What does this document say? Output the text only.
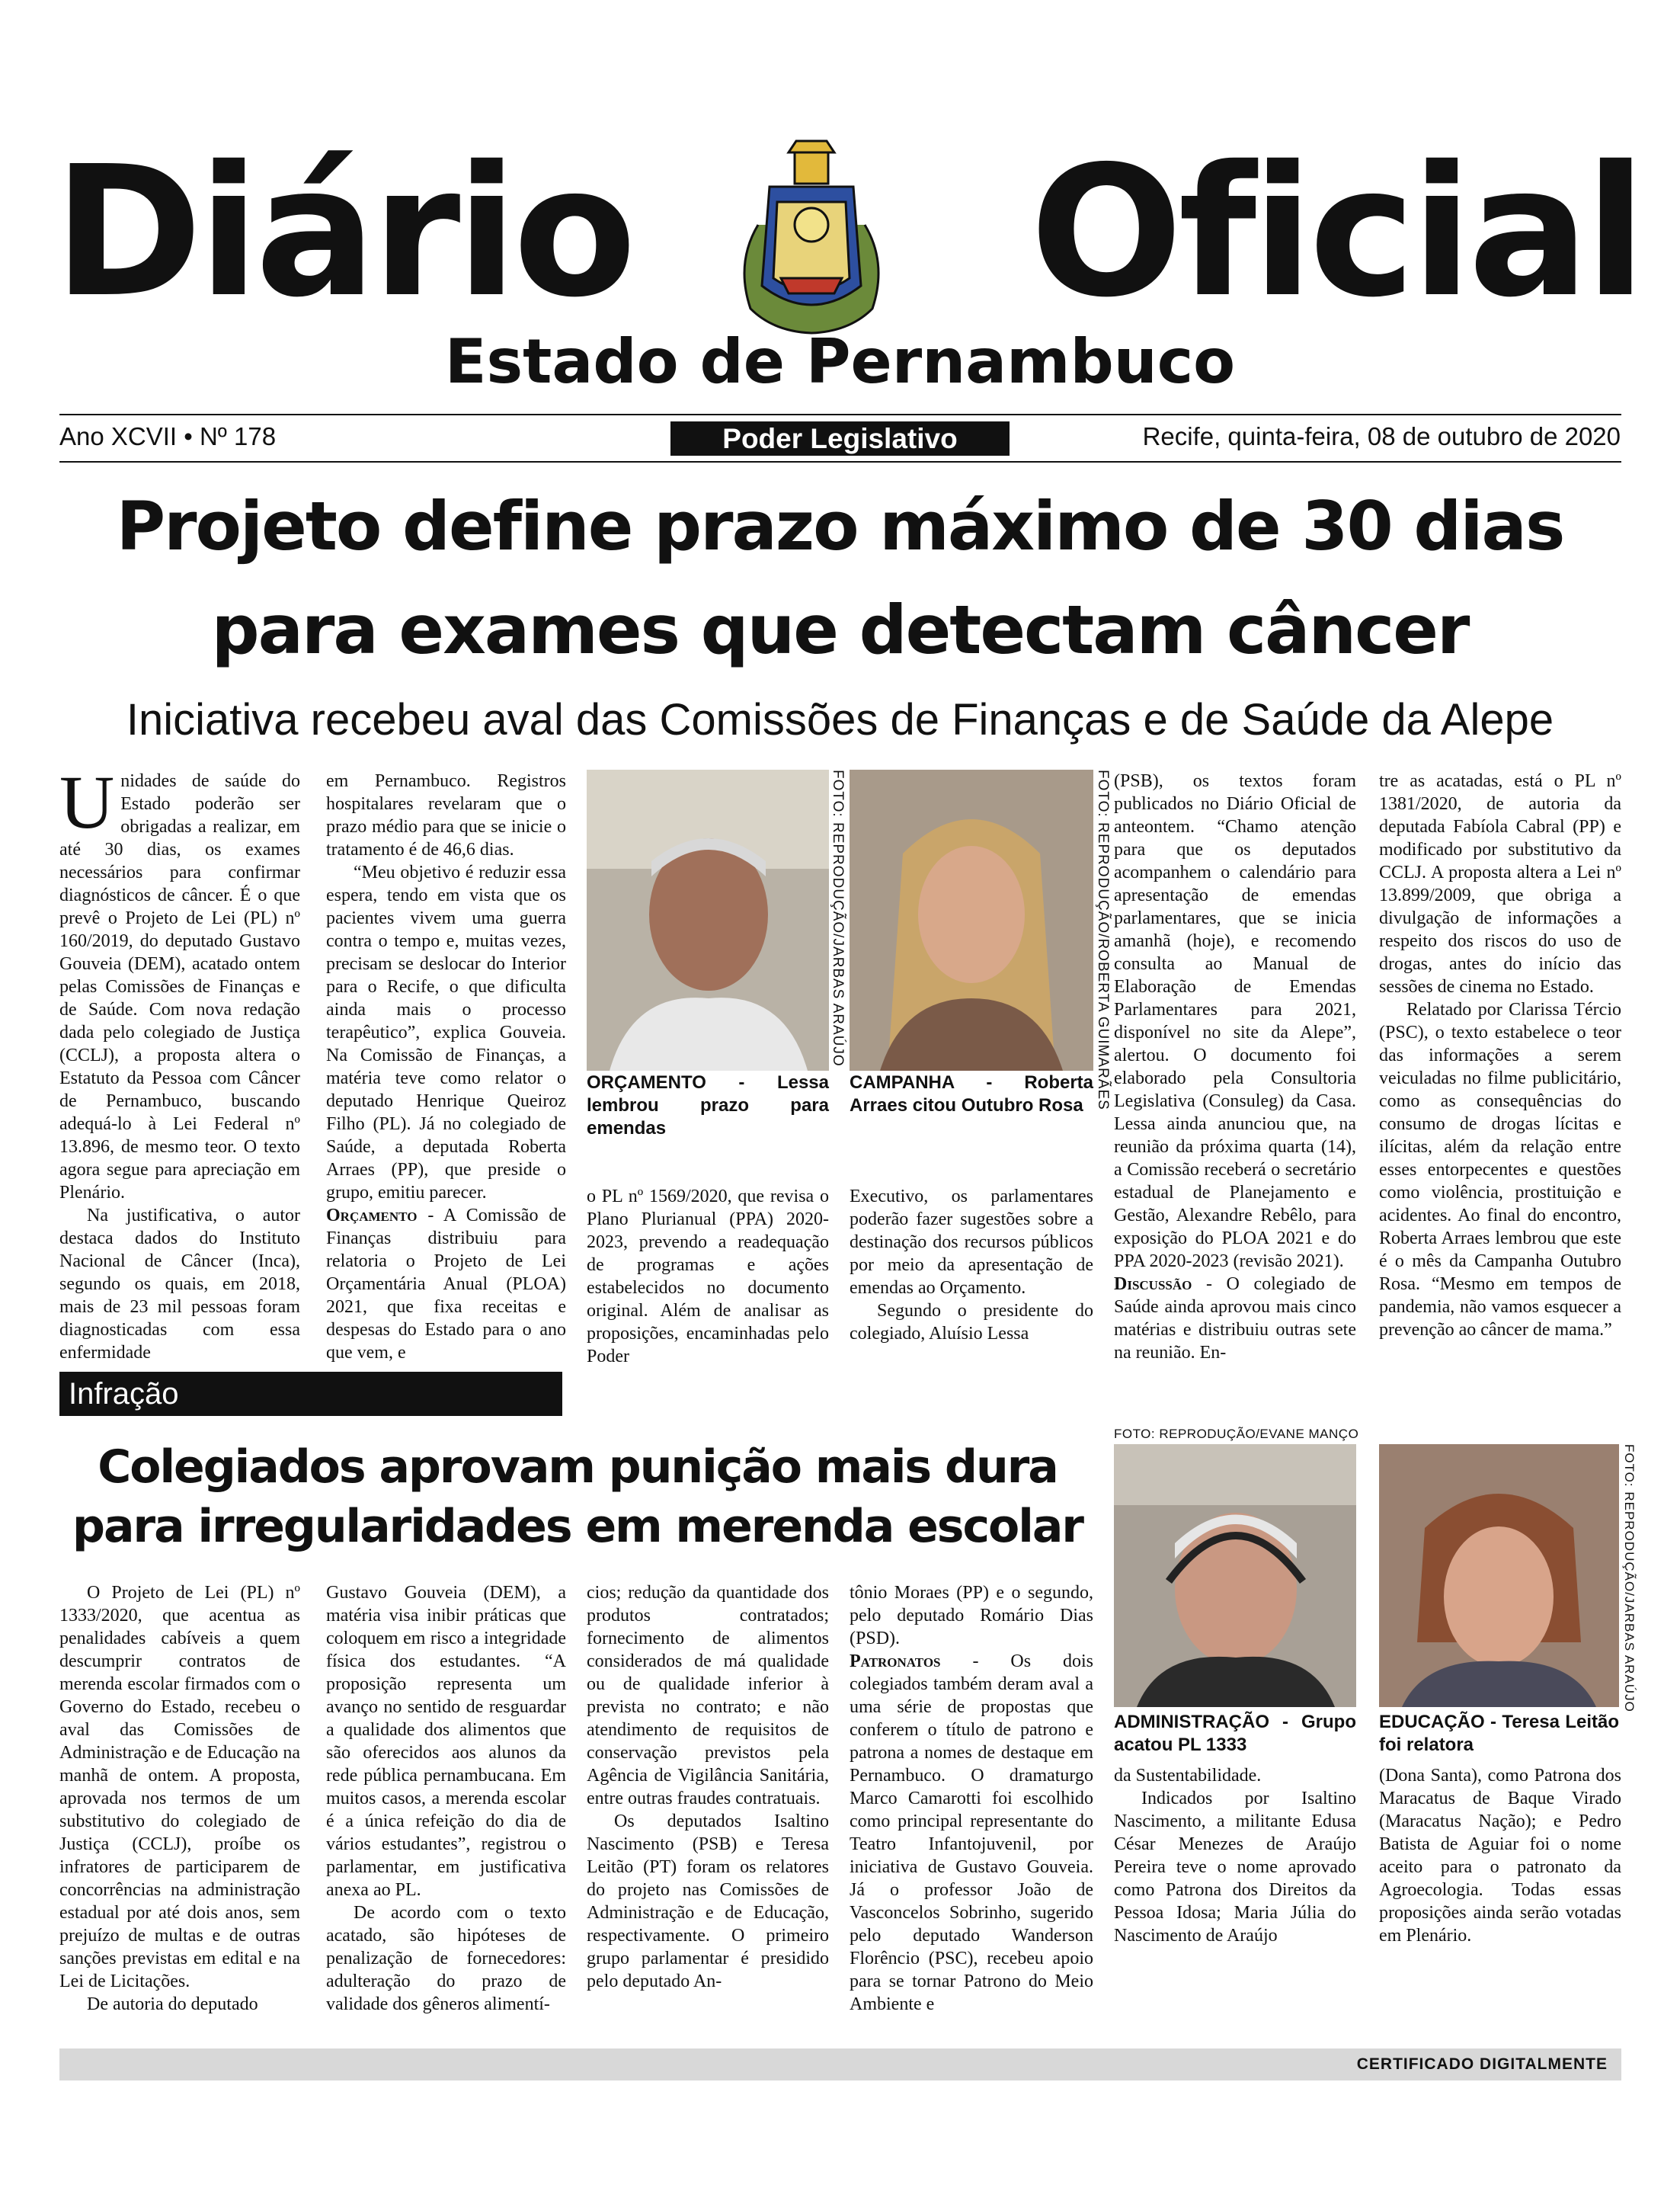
Diário Oficial
Estado de Pernambuco
Ano XCVII • Nº 178	Poder Legislativo	Recife, quinta-feira, 08 de outubro de 2020
Projeto define prazo máximo de 30 dias
para exames que detectam câncer
Iniciativa recebeu aval das Comissões de Finanças e de Saúde da Alepe

Unidades de saúde do Estado poderão ser obrigadas a realizar, em até 30 dias, os exames necessários para confirmar diagnósticos de câncer. É o que prevê o Projeto de Lei (PL) nº 160/2019, do deputado Gustavo Gouveia (DEM), acatado ontem pelas Comissões de Finanças e de Saúde. Com nova redação dada pelo colegiado de Justiça (CCLJ), a proposta altera o Estatuto da Pessoa com Câncer de Pernambuco, buscando adequá-lo à Lei Federal nº 13.896, de mesmo teor. O texto agora segue para apreciação em Plenário.

Na justificativa, o autor destaca dados do Instituto Nacional de Câncer (Inca), segundo os quais, em 2018, mais de 23 mil pessoas foram diagnosticadas com essa enfermidade

em Pernambuco. Registros hospitalares revelaram que o prazo médio para que se inicie o tratamento é de 46,6 dias.

“Meu objetivo é reduzir essa espera, tendo em vista que os pacientes vivem uma guerra contra o tempo e, muitas vezes, precisam se deslocar do Interior para o Recife, o que dificulta ainda mais o processo terapêutico”, explica Gouveia. Na Comissão de Finanças, a matéria teve como relator o deputado Henrique Queiroz Filho (PL). Já no colegiado de Saúde, a deputada Roberta Arraes (PP), que preside o grupo, emitiu parecer.

Orçamento - A Comissão de Finanças distribuiu para relatoria o Projeto de Lei Orçamentária Anual (PLOA) 2021, que fixa receitas e despesas do Estado para o ano que vem, e

FOTO: REPRODUÇÃO/JARBAS ARAÚJO
ORÇAMENTO - Lessa lembrou prazo para emendas
FOTO: REPRODUÇÃO/ROBERTA GUIMARÃES
CAMPANHA - Roberta Arraes citou Outubro Rosa

o PL nº 1569/2020, que revisa o Plano Plurianual (PPA) 2020-2023, prevendo a readequação de programas e ações estabelecidos no documento original. Além de analisar as proposições, encaminhadas pelo Poder

Executivo, os parlamentares poderão fazer sugestões sobre a destinação dos recursos públicos por meio da apresentação de emendas ao Orçamento.

Segundo o presidente do colegiado, Aluísio Lessa

(PSB), os textos foram publicados no Diário Oficial de anteontem. “Chamo atenção para que os deputados acompanhem o calendário para apresentação de emendas parlamentares, que se inicia amanhã (hoje), e recomendo consulta ao Manual de Elaboração de Emendas Parlamentares para 2021, disponível no site da Alepe”, alertou. O documento foi elaborado pela Consultoria Legislativa (Consuleg) da Casa. Lessa ainda anunciou que, na reunião da próxima quarta (14), a Comissão receberá o secretário estadual de Planejamento e Gestão, Alexandre Rebêlo, para exposição do PLOA 2021 e do PPA 2020-2023 (revisão 2021).

Discussão - O colegiado de Saúde ainda aprovou mais cinco matérias e distribuiu outras sete na reunião. En-

tre as acatadas, está o PL nº 1381/2020, de autoria da deputada Fabíola Cabral (PP) e modificado por substitutivo da CCLJ. A proposta altera a Lei nº 13.899/2009, que obriga a divulgação de informações a respeito dos riscos do uso de drogas, antes do início das sessões de cinema no Estado.

Relatado por Clarissa Tércio (PSC), o texto estabelece o teor das informações a serem veiculadas no filme publicitário, como as consequências do consumo de drogas lícitas e ilícitas, além da relação entre esses entorpecentes e questões como violência, prostituição e acidentes. Ao final do encontro, Roberta Arraes lembrou que este é o mês da Campanha Outubro Rosa. “Mesmo em tempos de pandemia, não vamos esquecer a prevenção ao câncer de mama.”

Infração
Colegiados aprovam punição mais dura
para irregularidades em merenda escolar

O Projeto de Lei (PL) nº 1333/2020, que acentua as penalidades cabíveis a quem descumprir contratos de merenda escolar firmados com o Governo do Estado, recebeu o aval das Comissões de Administração e de Educação na manhã de ontem. A proposta, aprovada nos termos de um substitutivo do colegiado de Justiça (CCLJ), proíbe os infratores de participarem de concorrências na administração estadual por até dois anos, sem prejuízo de multas e de outras sanções previstas em edital e na Lei de Licitações.

De autoria do deputado

Gustavo Gouveia (DEM), a matéria visa inibir práticas que coloquem em risco a integridade física dos estudantes. “A proposição representa um avanço no sentido de resguardar a qualidade dos alimentos que são oferecidos aos alunos da rede pública pernambucana. Em muitos casos, a merenda escolar é a única refeição do dia de vários estudantes”, registrou o parlamentar, em justificativa anexa ao PL.

De acordo com o texto acatado, são hipóteses de penalização de fornecedores: adulteração do prazo de validade dos gêneros alimentí-

cios; redução da quantidade dos produtos contratados; fornecimento de alimentos considerados de má qualidade ou de qualidade inferior à prevista no contrato; e não atendimento de requisitos de conservação previstos pela Agência de Vigilância Sanitária, entre outras fraudes contratuais.

Os deputados Isaltino Nascimento (PSB) e Teresa Leitão (PT) foram os relatores do projeto nas Comissões de Administração e de Educação, respectivamente. O primeiro grupo parlamentar é presidido pelo deputado An-

tônio Moraes (PP) e o segundo, pelo deputado Romário Dias (PSD).

Patronatos - Os dois colegiados também deram aval a uma série de propostas que conferem o título de patrono e patrona a nomes de destaque em Pernambuco. O dramaturgo Marco Camarotti foi escolhido como principal representante do Teatro Infantojuvenil, por iniciativa de Gustavo Gouveia. Já o professor João de Vasconcelos Sobrinho, sugerido pelo deputado Wanderson Florêncio (PSC), recebeu apoio para se tornar Patrono do Meio Ambiente e

FOTO: REPRODUÇÃO/EVANE MANÇO
ADMINISTRAÇÃO - Grupo acatou PL 1333
FOTO: REPRODUÇÃO/JARBAS ARAÚJO
EDUCAÇÃO - Teresa Leitão foi relatora

da Sustentabilidade.

Indicados por Isaltino Nascimento, a militante Edusa César Menezes de Araújo Pereira teve o nome aprovado como Patrona dos Direitos da Pessoa Idosa; Maria Júlia do Nascimento de Araújo

(Dona Santa), como Patrona dos Maracatus de Baque Virado (Maracatus Nação); e Pedro Batista de Aguiar foi o nome aceito para o patronato da Agroecologia. Todas essas proposições ainda serão votadas em Plenário.

CERTIFICADO DIGITALMENTE
